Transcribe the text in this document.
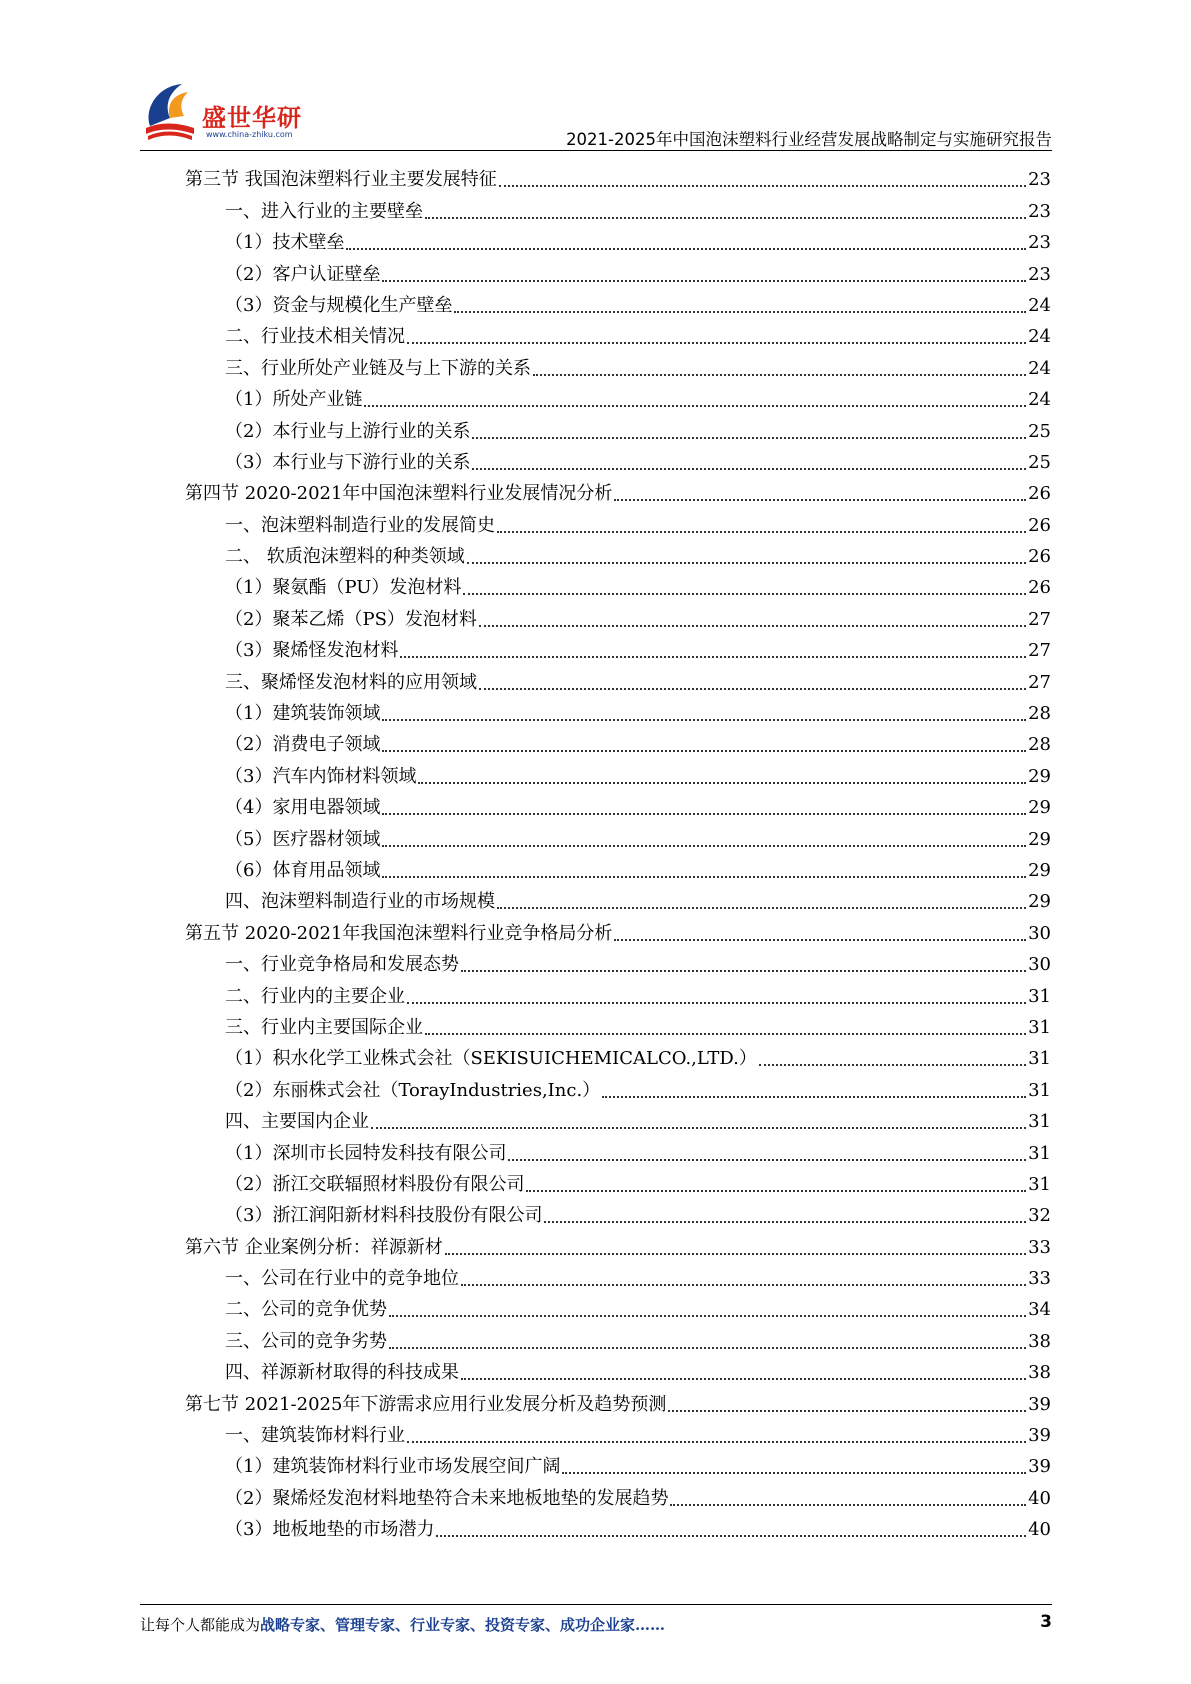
盛世华研
www.china-zhiku.com	2021-2025年中国泡沫塑料行业经营发展战略制定与实施研究报告
第三节 我国泡沫塑料行业主要发展特征	23
一、进入行业的主要壁垒	23
（1）技术壁垒	23
（2）客户认证壁垒	23
（3）资金与规模化生产壁垒	24
二、行业技术相关情况	24
三、行业所处产业链及与上下游的关系	24
（1）所处产业链	24
（2）本行业与上游行业的关系	25
（3）本行业与下游行业的关系	25
第四节 2020-2021年中国泡沫塑料行业发展情况分析	26
一、泡沫塑料制造行业的发展简史	26
二、 软质泡沫塑料的种类领域	26
（1）聚氨酯（PU）发泡材料	26
（2）聚苯乙烯（PS）发泡材料	27
（3）聚烯怪发泡材料	27
三、聚烯怪发泡材料的应用领域	27
（1）建筑装饰领域	28
（2）消费电子领域	28
（3）汽车内饰材料领域	29
（4）家用电器领域	29
（5）医疗器材领域	29
（6）体育用品领域	29
四、泡沫塑料制造行业的市场规模	29
第五节 2020-2021年我国泡沫塑料行业竞争格局分析	30
一、行业竞争格局和发展态势	30
二、行业内的主要企业	31
三、行业内主要国际企业	31
（1）积水化学工业株式会社（SEKISUICHEMICALCO.,LTD.）	31
（2）东丽株式会社（TorayIndustries,Inc.）	31
四、主要国内企业	31
（1）深圳市长园特发科技有限公司	31
（2）浙江交联辐照材料股份有限公司	31
（3）浙江润阳新材料科技股份有限公司	32
第六节 企业案例分析：祥源新材	33
一、公司在行业中的竞争地位	33
二、公司的竞争优势	34
三、公司的竞争劣势	38
四、祥源新材取得的科技成果	38
第七节 2021-2025年下游需求应用行业发展分析及趋势预测	39
一、建筑装饰材料行业	39
（1）建筑装饰材料行业市场发展空间广阔	39
（2）聚烯烃发泡材料地垫符合未来地板地垫的发展趋势	40
（3）地板地垫的市场潜力	40
让每个人都能成为战略专家、管理专家、行业专家、投资专家、成功企业家……	3
